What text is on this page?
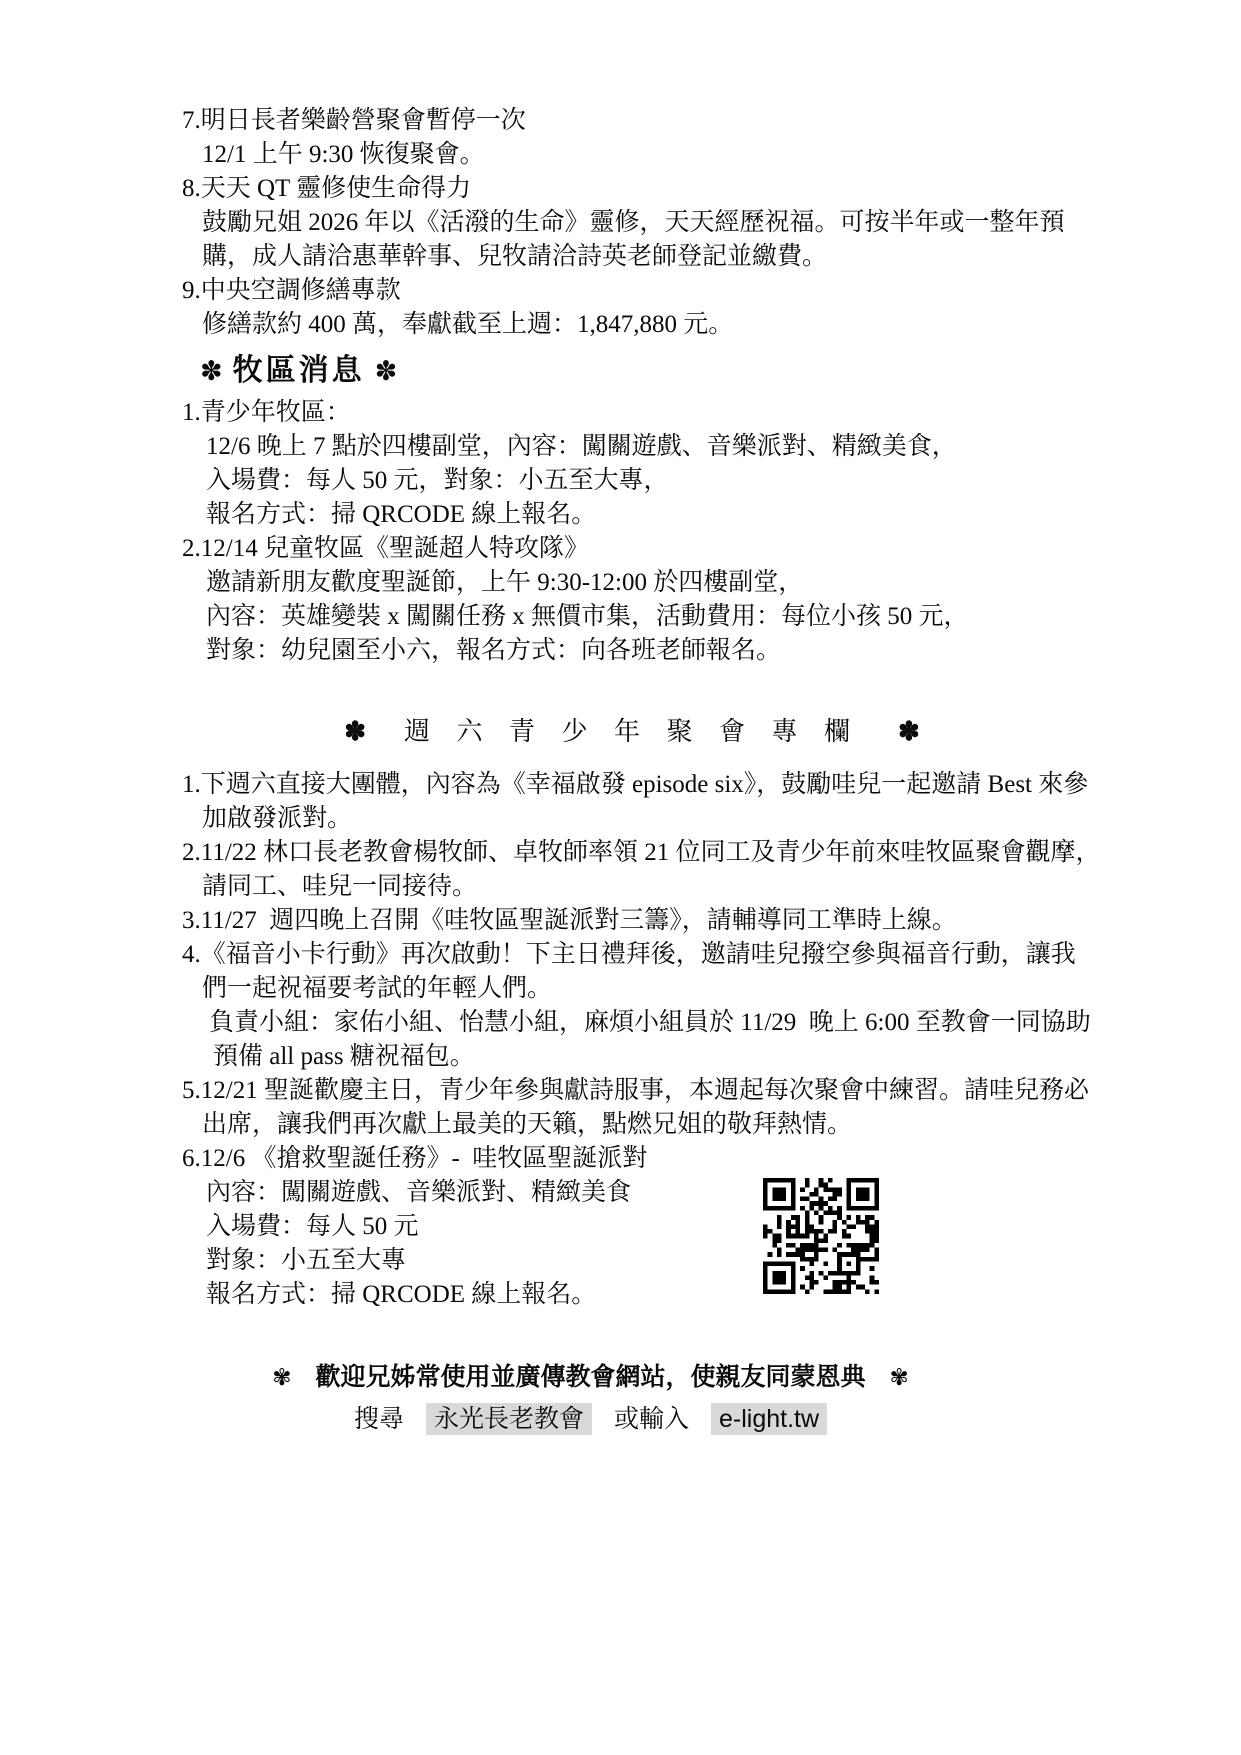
7.明日長者樂齡營聚會暫停一次
12/1 上午 9:30 恢復聚會。
8.天天 QT 靈修使生命得力
鼓勵兄姐 2026 年以《活潑的生命》靈修，天天經歷祝福。可按半年或一整年預
購，成人請洽惠華幹事、兒牧請洽詩英老師登記並繳費。
9.中央空調修繕專款
修繕款約 400 萬，奉獻截至上週：1,847,880 元。
✽ 牧區消息 ✽
1.青少年牧區：
12/6 晚上 7 點於四樓副堂，內容：闖關遊戲、音樂派對、精緻美食，
入場費：每人 50 元，對象：小五至大專，
報名方式：掃 QRCODE 線上報名。
2.12/14 兒童牧區《聖誕超人特攻隊》
邀請新朋友歡度聖誕節，上午 9:30-12:00 於四樓副堂，
內容：英雄變裝 x 闖關任務 x 無價市集，活動費用：每位小孩 50 元，
對象：幼兒園至小六，報名方式：向各班老師報名。
✽ 週 六 青 少 年 聚 會 專 欄 ✽
1.下週六直接大團體，內容為《幸福啟發 episode six》，鼓勵哇兒一起邀請 Best 來參
加啟發派對。
2.11/22 林口長老教會楊牧師、卓牧師率領 21 位同工及青少年前來哇牧區聚會觀摩，
請同工、哇兒一同接待。
3.11/27  週四晚上召開《哇牧區聖誕派對三籌》，請輔導同工準時上線。
4.《福音小卡行動》再次啟動！下主日禮拜後，邀請哇兒撥空參與福音行動，讓我
們一起祝福要考試的年輕人們。
負責小組：家佑小組、怡慧小組，麻煩小組員於 11/29  晚上 6:00 至教會一同協助
預備 all pass 糖祝福包。
5.12/21 聖誕歡慶主日，青少年參與獻詩服事，本週起每次聚會中練習。請哇兒務必
出席，讓我們再次獻上最美的天籟，點燃兄姐的敬拜熱情。
6.12/6 《搶救聖誕任務》-  哇牧區聖誕派對
內容：闖關遊戲、音樂派對、精緻美食
入場費：每人 50 元
對象：小五至大專
報名方式：掃 QRCODE 線上報名。
✾ 歡迎兄姊常使用並廣傳教會網站，使親友同蒙恩典 ✾
搜尋 永光長老教會 或輸入 e-light.tw
